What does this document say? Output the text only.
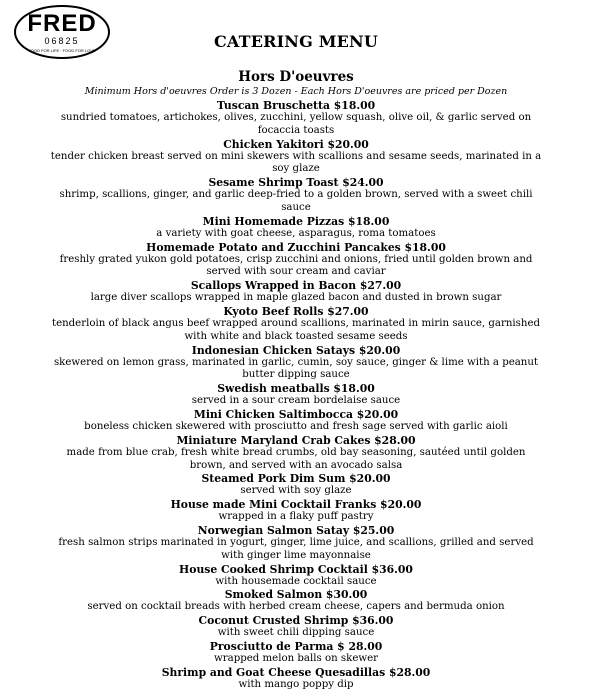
FRED
06825
FOOD FOR LIFE · FOOD FOR LOVE	CATERING MENU
Hors D'oeuvres
Minimum Hors d'oeuvres Order is 3 Dozen - Each Hors D'oeuvres are priced per Dozen
Tuscan Bruschetta $18.00
sundried tomatoes, artichokes, olives, zucchini, yellow squash, olive oil, & garlic served on focaccia toasts
Chicken Yakitori $20.00
tender chicken breast served on mini skewers with scallions and sesame seeds, marinated in a soy glaze
Sesame Shrimp Toast $24.00
shrimp, scallions, ginger, and garlic deep-fried to a golden brown, served with a sweet chili sauce
Mini Homemade Pizzas $18.00
a variety with goat cheese, asparagus, roma tomatoes
Homemade Potato and Zucchini Pancakes $18.00
freshly grated yukon gold potatoes, crisp zucchini and onions, fried until golden brown and served with sour cream and caviar
Scallops Wrapped in Bacon $27.00
large diver scallops wrapped in maple glazed bacon and dusted in brown sugar
Kyoto Beef Rolls $27.00
tenderloin of black angus beef wrapped around scallions, marinated in mirin sauce, garnished with white and black toasted sesame seeds
Indonesian Chicken Satays $20.00
skewered on lemon grass, marinated in garlic, cumin, soy sauce, ginger & lime with a peanut butter dipping sauce
Swedish meatballs $18.00
served in a sour cream bordelaise sauce
Mini Chicken Saltimbocca $20.00
boneless chicken skewered with prosciutto and fresh sage served with garlic aioli
Miniature Maryland Crab Cakes $28.00
made from blue crab, fresh white bread crumbs, old bay seasoning, sautéed until golden brown, and served with an avocado salsa
Steamed Pork Dim Sum $20.00
served with soy glaze
House made Mini Cocktail Franks $20.00
wrapped in a flaky puff pastry
Norwegian Salmon Satay $25.00
fresh salmon strips marinated in yogurt, ginger, lime juice, and scallions, grilled and served with ginger lime mayonnaise
House Cooked Shrimp Cocktail $36.00
with housemade cocktail sauce
Smoked Salmon $30.00
served on cocktail breads with herbed cream cheese, capers and bermuda onion
Coconut Crusted Shrimp $36.00
with sweet chili dipping sauce
Prosciutto de Parma $ 28.00
wrapped melon balls on skewer
Shrimp and Goat Cheese Quesadillas $28.00
with mango poppy dip
